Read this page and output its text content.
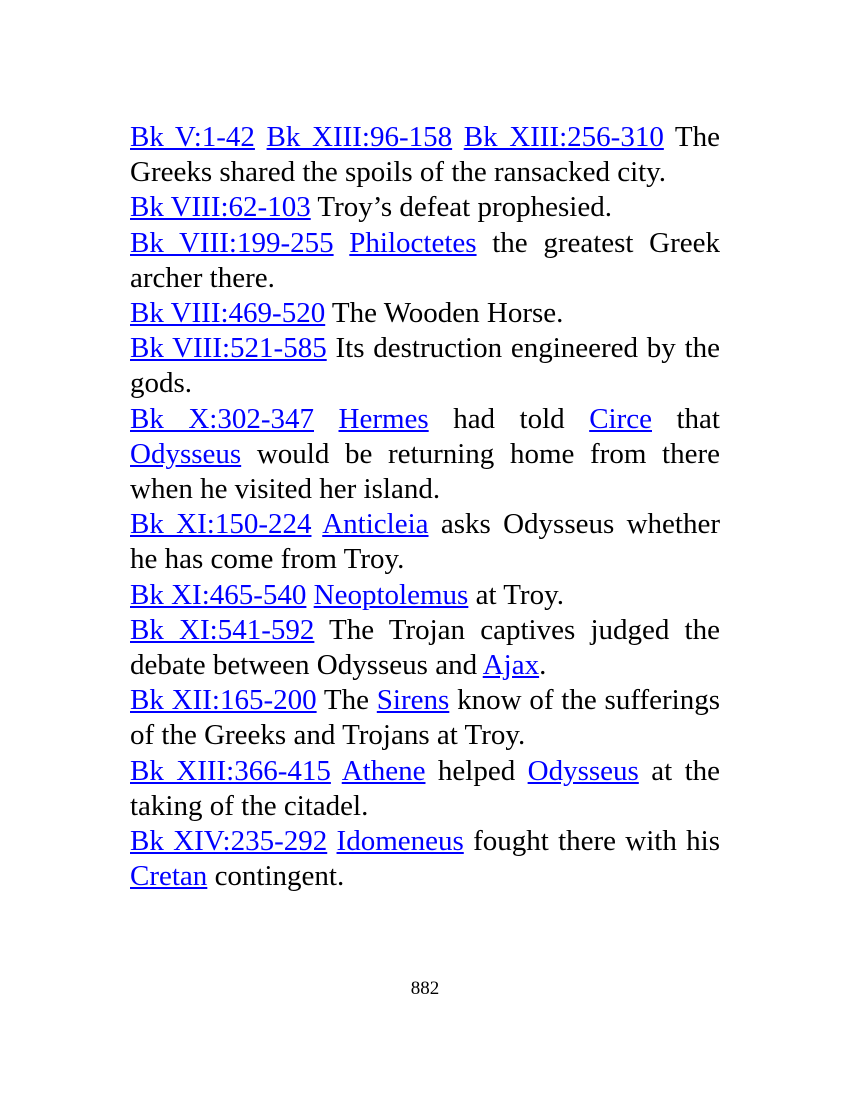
Bk V:1-42 Bk XIII:96-158 Bk XIII:256-310 The Greeks shared the spoils of the ransacked city.

Bk VIII:62-103 Troy’s defeat prophesied.

Bk VIII:199-255 Philoctetes the greatest Greek archer there.

Bk VIII:469-520 The Wooden Horse.

Bk VIII:521-585 Its destruction engineered by the gods.

Bk X:302-347 Hermes had told Circe that Odysseus would be returning home from there when he visited her island.

Bk XI:150-224 Anticleia asks Odysseus whether he has come from Troy.

Bk XI:465-540 Neoptolemus at Troy.

Bk XI:541-592 The Trojan captives judged the debate between Odysseus and Ajax.

Bk XII:165-200 The Sirens know of the sufferings of the Greeks and Trojans at Troy.

Bk XIII:366-415 Athene helped Odysseus at the taking of the citadel.

Bk XIV:235-292 Idomeneus fought there with his Cretan contingent.

882
